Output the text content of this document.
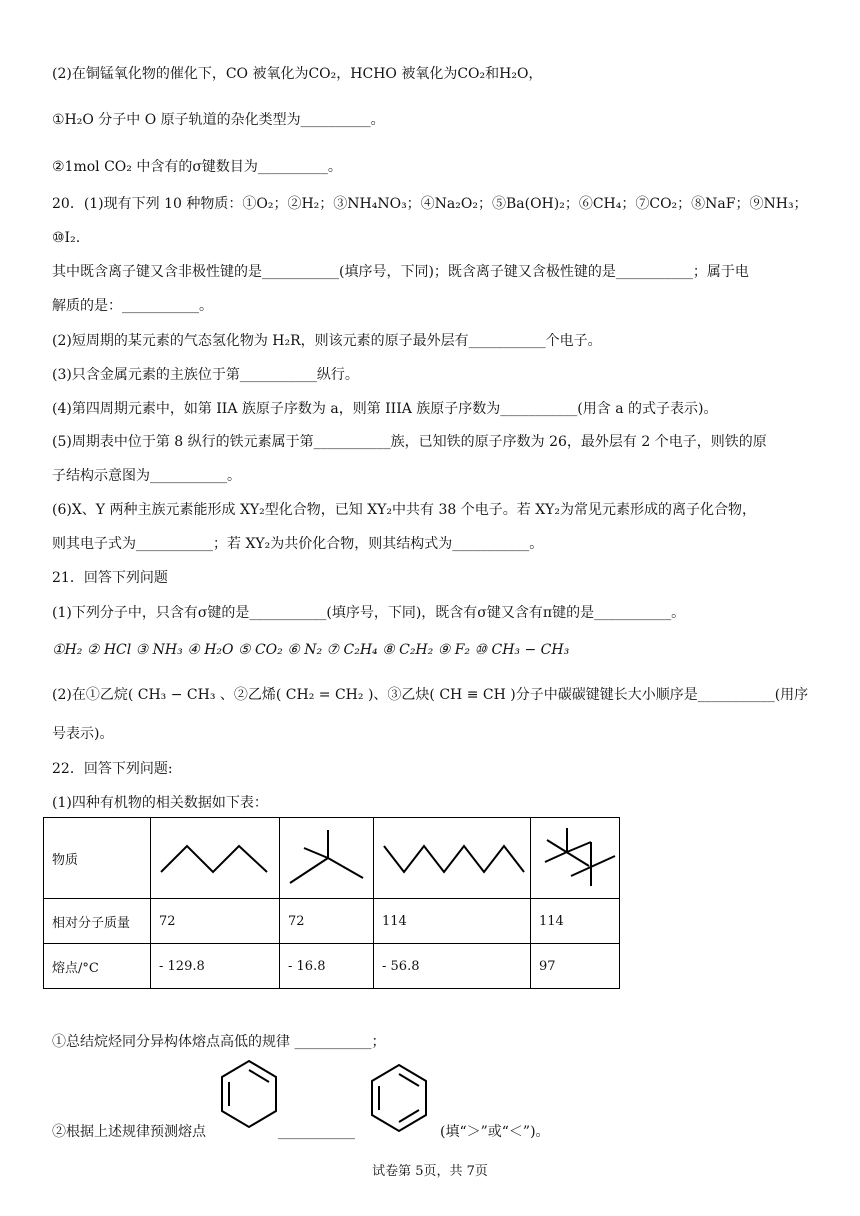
(2)在铜锰氧化物的催化下，CO 被氧化为CO₂，HCHO 被氧化为CO₂和H₂O，
①H₂O 分子中 O 原子轨道的杂化类型为__________。
②1mol CO₂ 中含有的σ键数目为__________。
20．(1)现有下列 10 种物质：①O₂；②H₂；③NH₄NO₃；④Na₂O₂；⑤Ba(OH)₂；⑥CH₄；⑦CO₂；⑧NaF；⑨NH₃；
⑩I₂.
其中既含离子键又含非极性键的是___________(填序号，下同)；既含离子键又含极性键的是___________；属于电
解质的是：___________。
(2)短周期的某元素的气态氢化物为 H₂R，则该元素的原子最外层有___________个电子。
(3)只含金属元素的主族位于第___________纵行。
(4)第四周期元素中，如第 IIA 族原子序数为 a，则第 IIIA 族原子序数为___________(用含 a 的式子表示)。
(5)周期表中位于第 8 纵行的铁元素属于第___________族，已知铁的原子序数为 26，最外层有 2 个电子，则铁的原
子结构示意图为___________。
(6)X、Y 两种主族元素能形成 XY₂型化合物，已知 XY₂中共有 38 个电子。若 XY₂为常见元素形成的离子化合物，
则其电子式为___________；若 XY₂为共价化合物，则其结构式为___________。
21．回答下列问题
(1)下列分子中，只含有σ键的是___________(填序号，下同)，既含有σ键又含有π键的是___________。
①H₂ ② HCl ③ NH₃ ④ H₂O ⑤ CO₂ ⑥ N₂ ⑦ C₂H₄ ⑧ C₂H₂ ⑨ F₂ ⑩ CH₃ − CH₃
(2)在①乙烷( CH₃ − CH₃ 、②乙烯( CH₂ = CH₂ )、③乙炔( CH ≡ CH )分子中碳碳键键长大小顺序是___________(用序
号表示)。
22．回答下列问题:
(1)四种有机物的相关数据如下表：
物质	

相对分子质量	72	72	114	114
熔点/°C	- 129.8	- 16.8	- 56.8	97
①总结烷烃同分异构体熔点高低的规律 ___________；
②根据上述规律预测熔点	___________	(填“＞”或“＜”)。
试卷第 5页，共 7页
